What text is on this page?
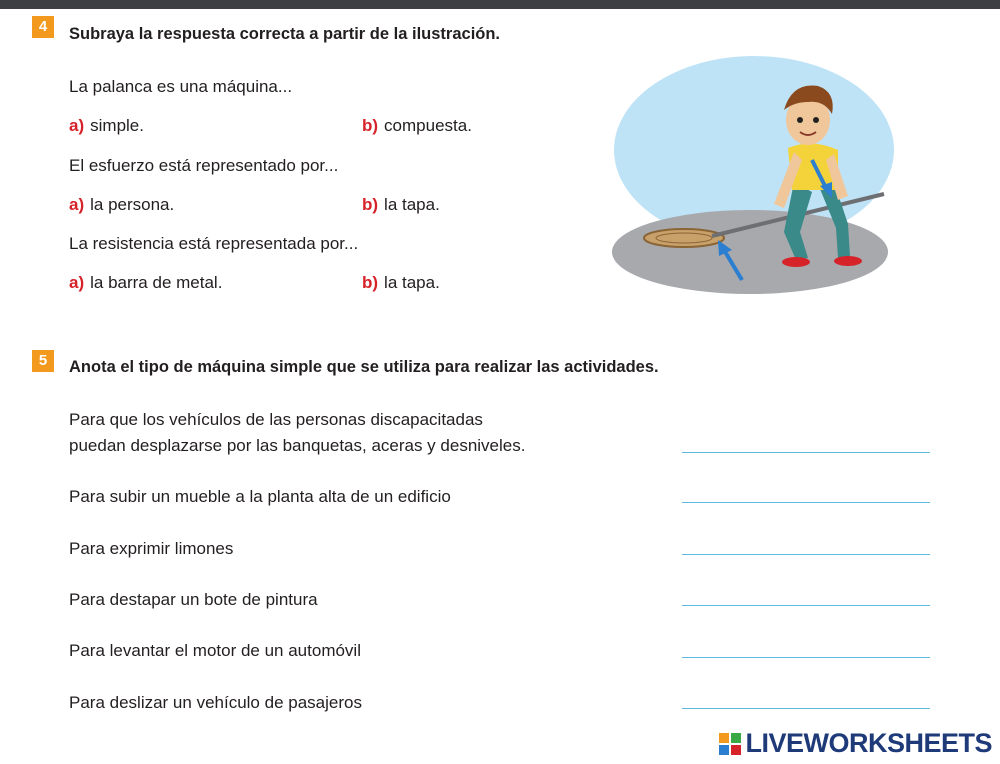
4	Subraya la respuesta correcta a partir de la ilustración.
La palanca es una máquina...
a) simple.	b) compuesta.
El esfuerzo está representado por...
a) la persona.	b) la tapa.
La resistencia está representada por...
a) la barra de metal.	b) la tapa.
5	Anota el tipo de máquina simple que se utiliza para realizar las actividades.
Para que los vehículos de las personas discapacitadas
puedan desplazarse por las banquetas, aceras y desniveles.
Para subir un mueble a la planta alta de un edificio
Para exprimir limones
Para destapar un bote de pintura
Para levantar el motor de un automóvil
Para deslizar un vehículo de pasajeros
LIVEWORKSHEETS
